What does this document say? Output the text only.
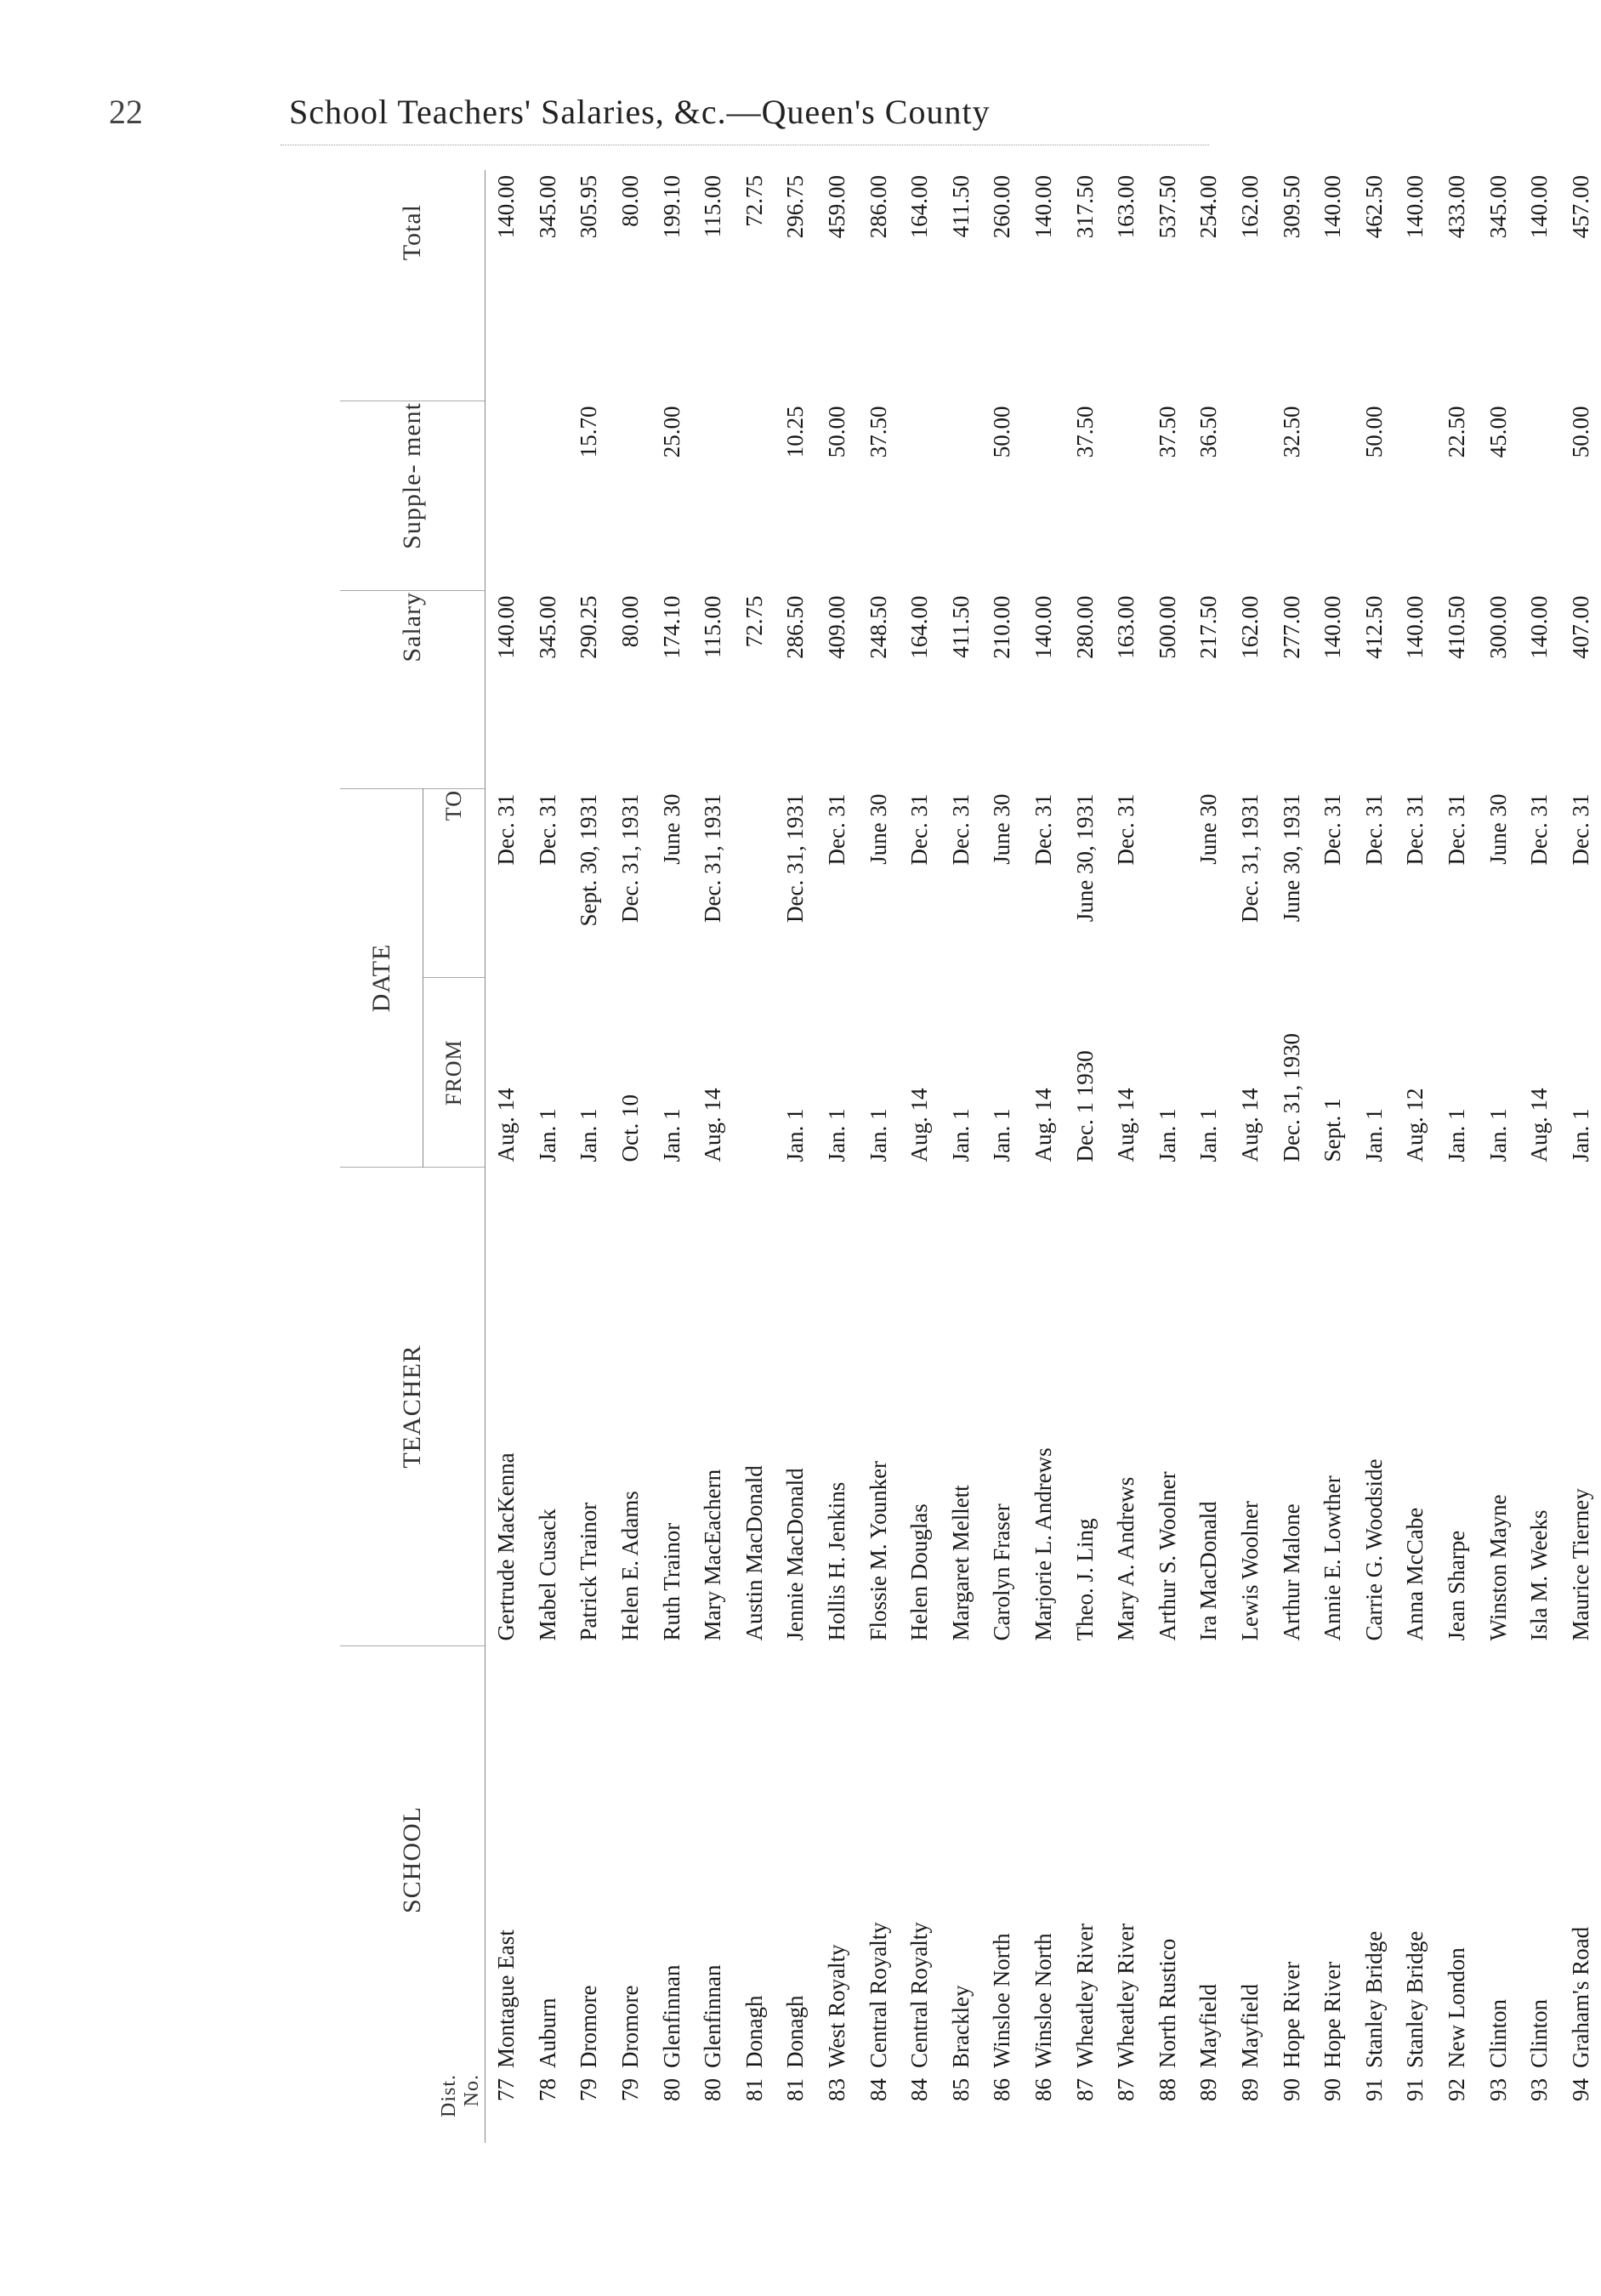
22	School Teachers' Salaries, &c.—Queen's County
Dist. No.	SCHOOL	TEACHER	DATE		Salary	Supple- ment	Total
			FROM	TO			
77	Montague East	Gertrude MacKenna	Aug. 14	Dec. 31	140.00		140.00
78	Auburn	Mabel Cusack	Jan. 1	Dec. 31	345.00		345.00
79	Dromore	Patrick Trainor	Jan. 1	Sept. 30, 1931	290.25	15.70	305.95
79	Dromore	Helen E. Adams	Oct. 10	Dec. 31, 1931	80.00		80.00
80	Glenfinnan	Ruth Trainor	Jan. 1	June 30	174.10	25.00	199.10
80	Glenfinnan	Mary MacEachern	Aug. 14	Dec. 31, 1931	115.00		115.00
81	Donagh	Austin MacDonald			72.75		72.75
81	Donagh	Jennie MacDonald	Jan. 1	Dec. 31, 1931	286.50	10.25	296.75
83	West Royalty	Hollis H. Jenkins	Jan. 1	Dec. 31	409.00	50.00	459.00
84	Central Royalty	Flossie M. Younker	Jan. 1	June 30	248.50	37.50	286.00
84	Central Royalty	Helen Douglas	Aug. 14	Dec. 31	164.00		164.00
85	Brackley	Margaret Mellett	Jan. 1	Dec. 31	411.50		411.50
86	Winsloe North	Carolyn Fraser	Jan. 1	June 30	210.00	50.00	260.00
86	Winsloe North	Marjorie L. Andrews	Aug. 14	Dec. 31	140.00		140.00
87	Wheatley River	Theo. J. Ling	Dec. 1 1930	June 30, 1931	280.00	37.50	317.50
87	Wheatley River	Mary A. Andrews	Aug. 14	Dec. 31	163.00		163.00
88	North Rustico	Arthur S. Woolner	Jan. 1		500.00	37.50	537.50
89	Mayfield	Ira MacDonald	Jan. 1	June 30	217.50	36.50	254.00
89	Mayfield	Lewis Woolner	Aug. 14	Dec. 31, 1931	162.00		162.00
90	Hope River	Arthur Malone	Dec. 31, 1930	June 30, 1931	277.00	32.50	309.50
90	Hope River	Annie E. Lowther	Sept. 1	Dec. 31	140.00		140.00
91	Stanley Bridge	Carrie G. Woodside	Jan. 1	Dec. 31	412.50	50.00	462.50
91	Stanley Bridge	Anna McCabe	Aug. 12	Dec. 31	140.00		140.00
92	New London	Jean Sharpe	Jan. 1	Dec. 31	410.50	22.50	433.00
93	Clinton	Winston Mayne	Jan. 1	June 30	300.00	45.00	345.00
93	Clinton	Isla M. Weeks	Aug. 14	Dec. 31	140.00		140.00
94	Graham's Road	Maurice Tierney	Jan. 1	Dec. 31	407.00	50.00	457.00
